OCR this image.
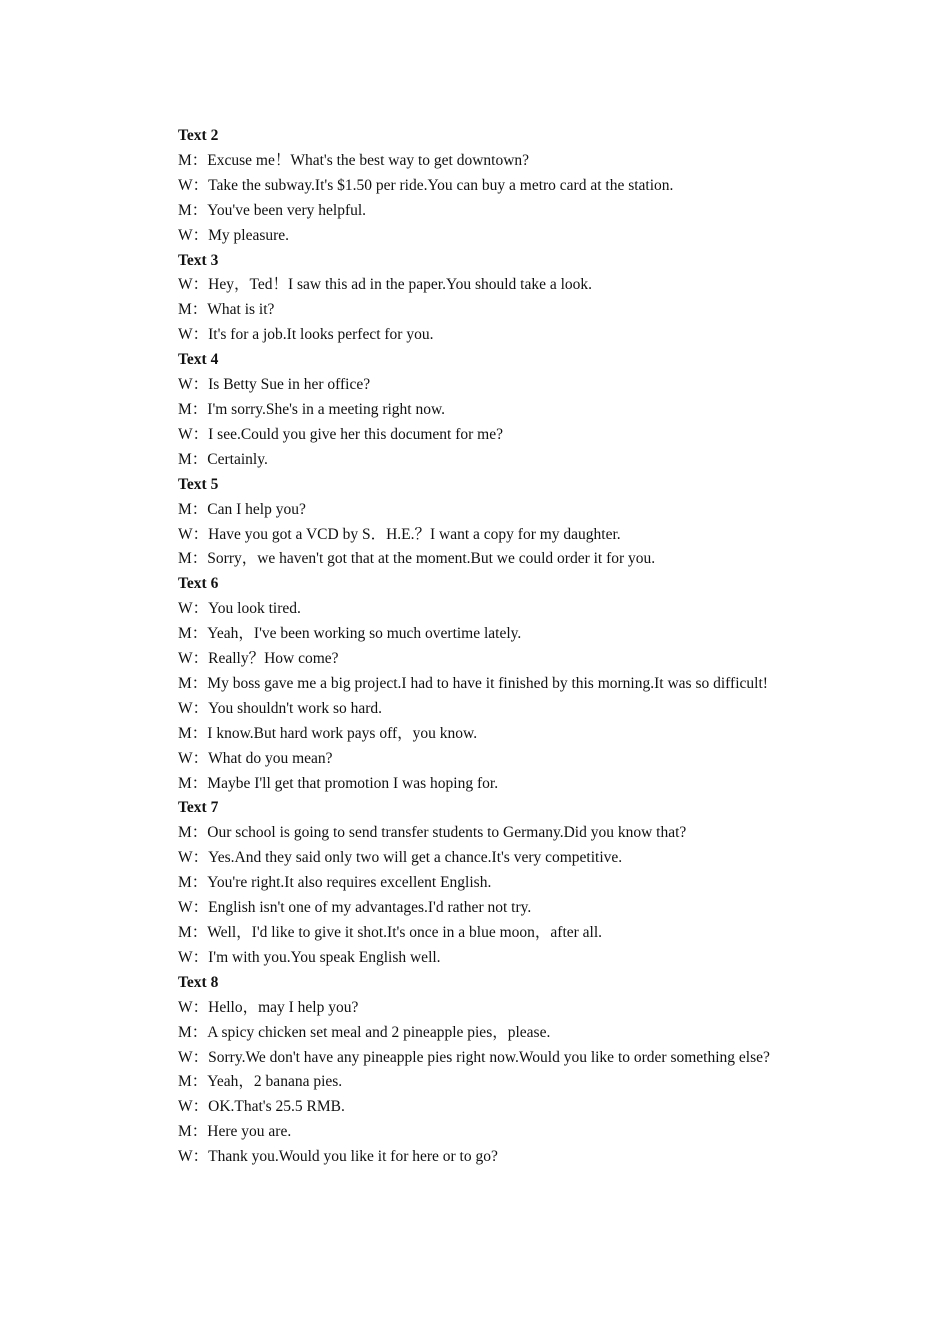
Text 2
M：Excuse me！What's the best way to get downtown?
W：Take the subway.It's $1.50 per ride.You can buy a metro card at the station.
M：You've been very helpful.
W：My pleasure.
Text 3
W：Hey，Ted！I saw this ad in the paper.You should take a look.
M：What is it?
W：It's for a job.It looks perfect for you.
Text 4
W：Is Betty Sue in her office?
M：I'm sorry.She's in a meeting right now.
W：I see.Could you give her this document for me?
M：Certainly.
Text 5
M：Can I help you?
W：Have you got a VCD by S．H.E.？I want a copy for my daughter.
M：Sorry，we haven't got that at the moment.But we could order it for you.
Text 6
W：You look tired.
M：Yeah，I've been working so much overtime lately.
W：Really？How come?
M：My boss gave me a big project.I had to have it finished by this morning.It was so difficult!
W：You shouldn't work so hard.
M：I know.But hard work pays off，you know.
W：What do you mean?
M：Maybe I'll get that promotion I was hoping for.
Text 7
M：Our school is going to send transfer students to Germany.Did you know that?
W：Yes.And they said only two will get a chance.It's very competitive.
M：You're right.It also requires excellent English.
W：English isn't one of my advantages.I'd rather not try.
M：Well，I'd like to give it shot.It's once in a blue moon，after all.
W：I'm with you.You speak English well.
Text 8
W：Hello，may I help you?
M：A spicy chicken set meal and 2 pineapple pies，please.
W：Sorry.We don't have any pineapple pies right now.Would you like to order something else?
M：Yeah，2 banana pies.
W：OK.That's 25.5 RMB.
M：Here you are.
W：Thank you.Would you like it for here or to go?
